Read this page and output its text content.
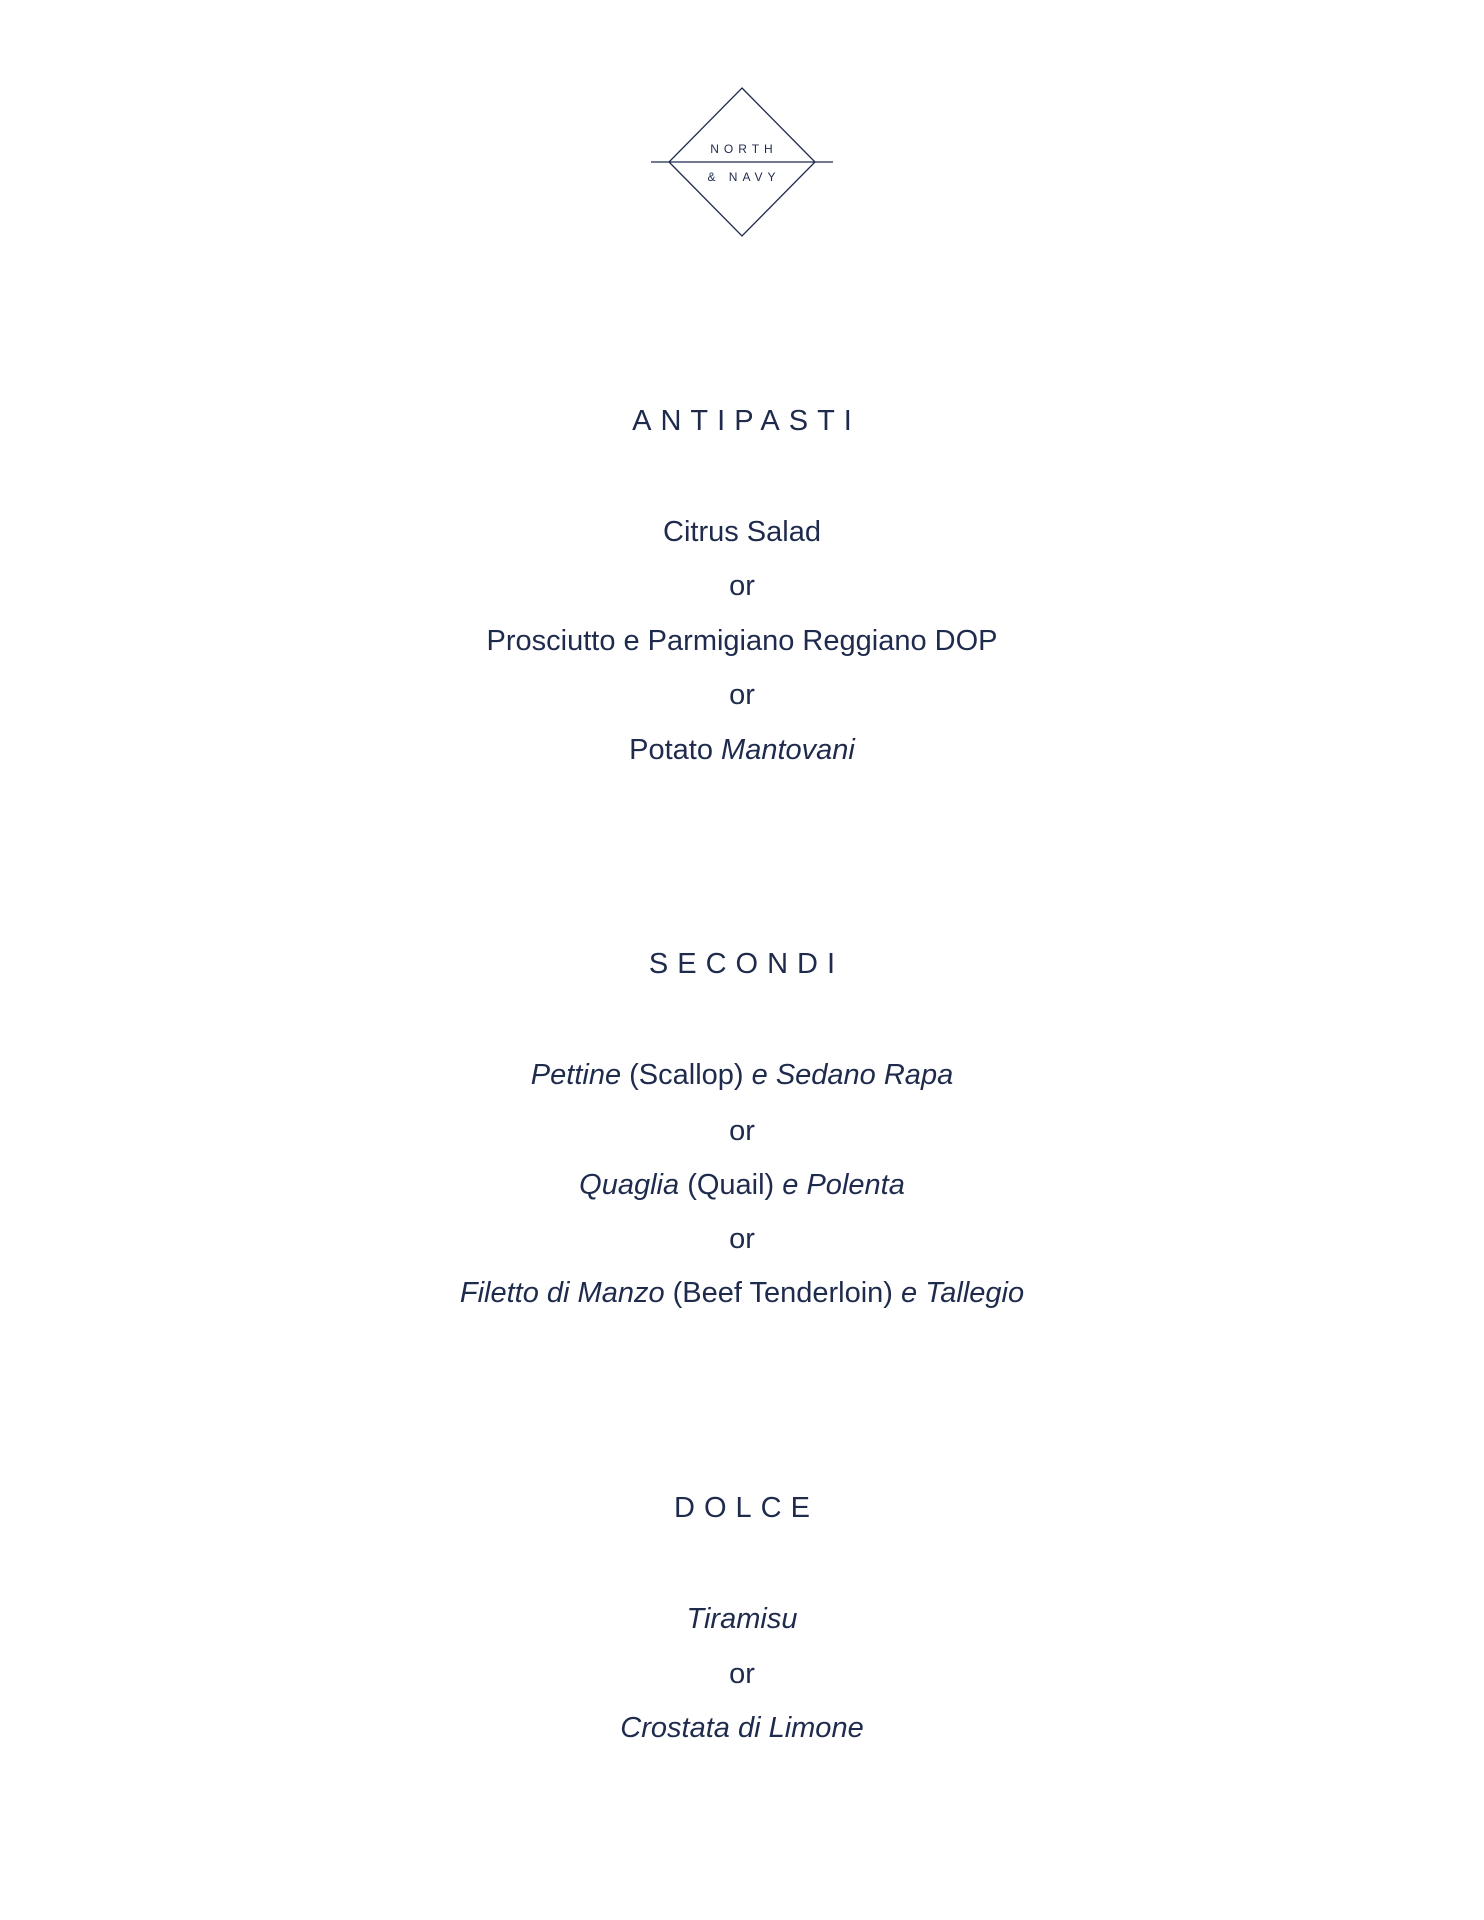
NORTH
& NAVY
ANTIPASTI
Citrus Salad
or
Prosciutto e Parmigiano Reggiano DOP
or
Potato Mantovani
SECONDI
Pettine (Scallop) e Sedano Rapa
or
Quaglia (Quail) e Polenta
or
Filetto di Manzo (Beef Tenderloin) e Tallegio
DOLCE
Tiramisu
or
Crostata di Limone
